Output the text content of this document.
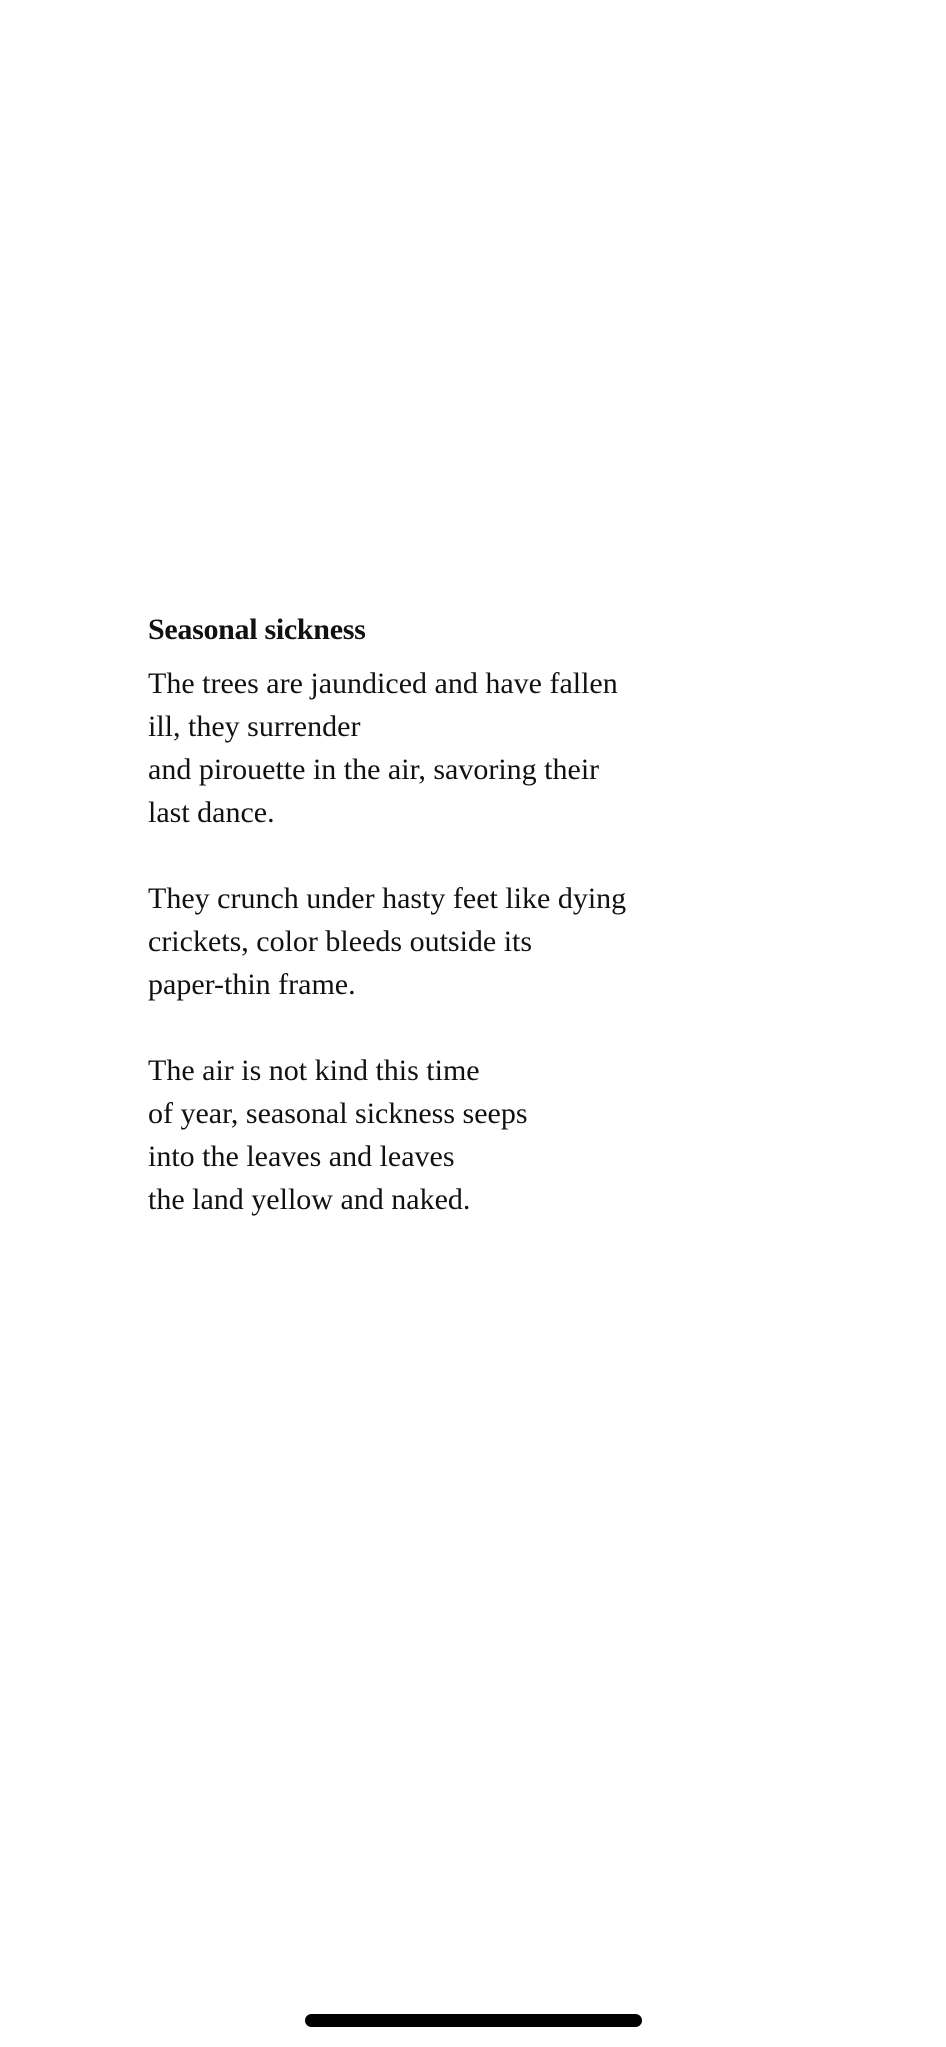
Seasonal sickness
The trees are jaundiced and have fallen
ill, they surrender
and pirouette in the air, savoring their
last dance.
They crunch under hasty feet like dying
crickets, color bleeds outside its
paper-thin frame.
The air is not kind this time
of year, seasonal sickness seeps
into the leaves and leaves
the land yellow and naked.
